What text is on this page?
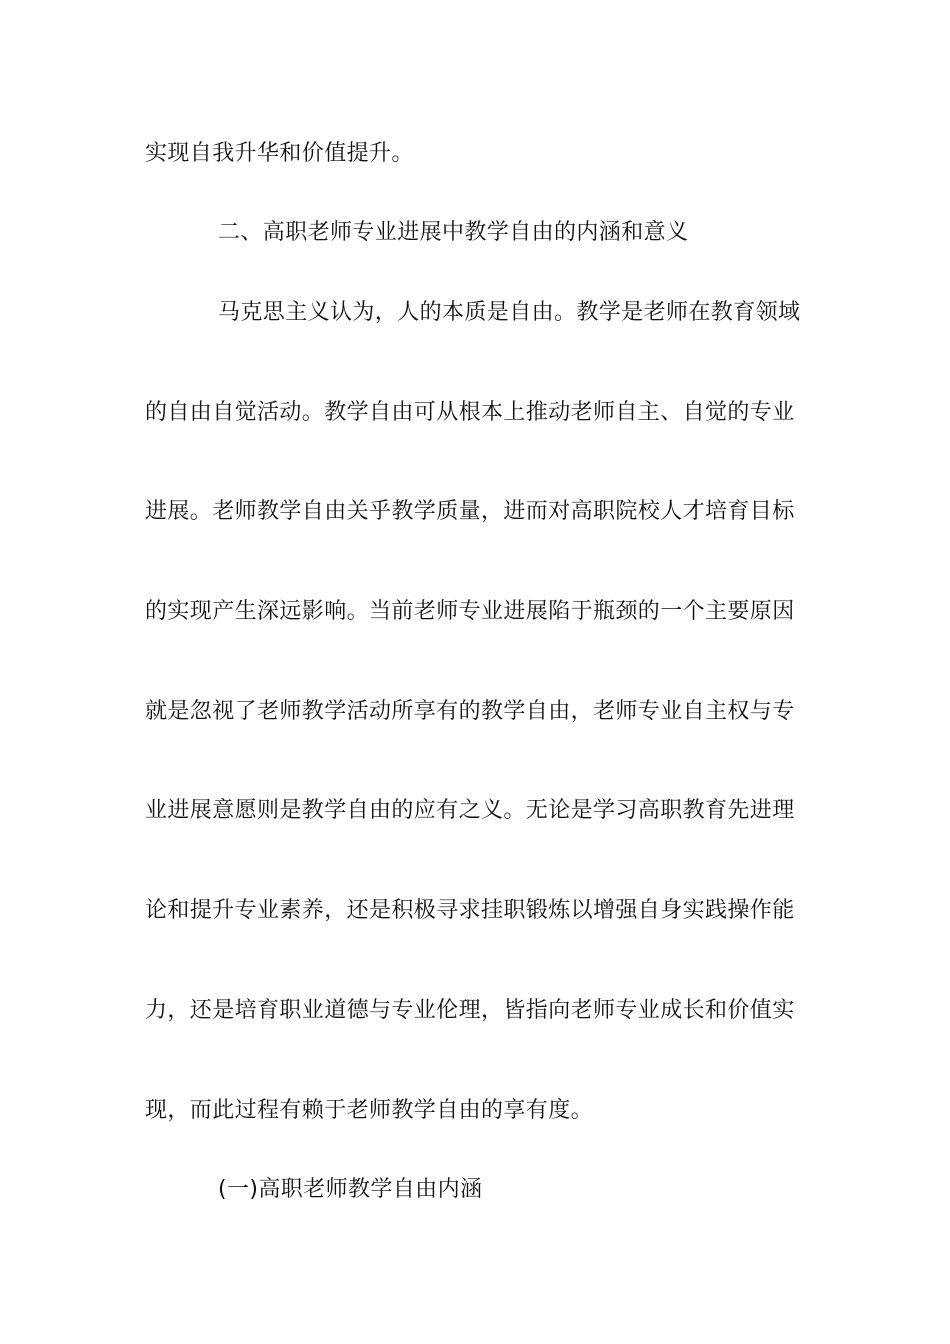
实现自我升华和价值提升。
二、高职老师专业进展中教学自由的内涵和意义
马克思主义认为，人的本质是自由。教学是老师在教育领域
的自由自觉活动。教学自由可从根本上推动老师自主、自觉的专业
进展。老师教学自由关乎教学质量，进而对高职院校人才培育目标
的实现产生深远影响。当前老师专业进展陷于瓶颈的一个主要原因
就是忽视了老师教学活动所享有的教学自由，老师专业自主权与专
业进展意愿则是教学自由的应有之义。无论是学习高职教育先进理
论和提升专业素养，还是积极寻求挂职锻炼以增强自身实践操作能
力，还是培育职业道德与专业伦理，皆指向老师专业成长和价值实
现，而此过程有赖于老师教学自由的享有度。
(一)高职老师教学自由内涵
